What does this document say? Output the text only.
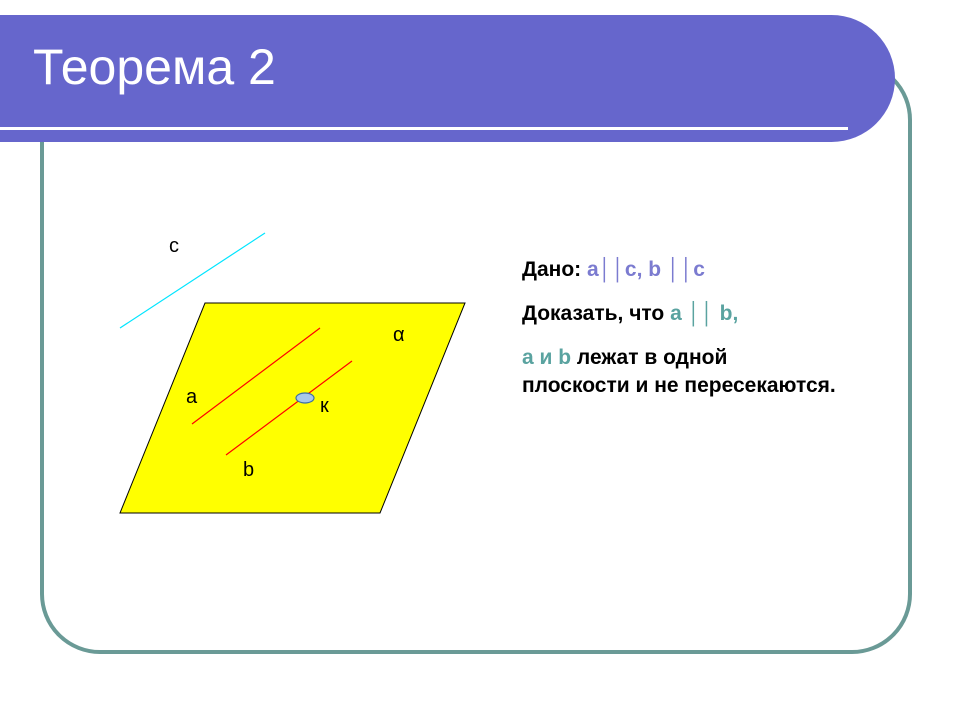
Теорема 2
c
α
a	к
b

Дано: a││c, b ││c

Доказать, что a ││ b,

a и b лежат в одной
плоскости и не пересекаются.
